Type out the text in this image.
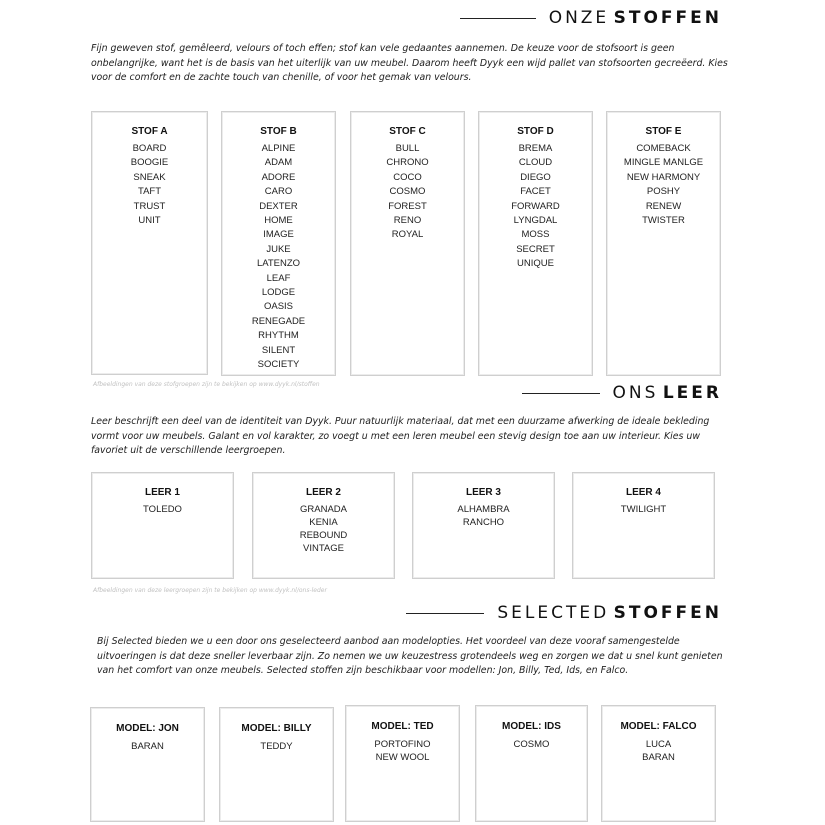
ONZE
STOFFEN

Fijn geweven stof, gemêleerd, velours of toch effen; stof kan vele gedaantes aannemen. De keuze voor de stofsoort is geen onbelangrijke, want het is de basis van het uiterlijk van uw meubel. Daarom heeft Dyyk een wijd pallet van stofsoorten gecreëerd. Kies voor de comfort en de zachte touch van chenille, of voor het gemak van velours.

STOF A
BOARD
BOOGIE
SNEAK
TAFT
TRUST
UNIT
STOF B
ALPINE
ADAM
ADORE
CARO
DEXTER
HOME
IMAGE
JUKE
LATENZO
LEAF
LODGE
OASIS
RENEGADE
RHYTHM
SILENT
SOCIETY
STOF C
BULL
CHRONO
COCO
COSMO
FOREST
RENO
ROYAL
STOF D
BREMA
CLOUD
DIEGO
FACET
FORWARD
LYNGDAL
MOSS
SECRET
UNIQUE
STOF E
COMEBACK
MINGLE MANLGE
NEW HARMONY
POSHY
RENEW
TWISTER

Afbeeldingen van deze stofgroepen zijn te bekijken op www.dyyk.nl/stoffen	ONS
LEER

Leer beschrijft een deel van de identiteit van Dyyk. Puur natuurlijk materiaal, dat met een duurzame afwerking de ideale bekleding vormt voor uw meubels. Galant en vol karakter, zo voegt u met een leren meubel een stevig design toe aan uw interieur. Kies uw favoriet uit de verschillende leergroepen.

LEER 1
TOLEDO
LEER 2
GRANADA
KENIA
REBOUND
VINTAGE
LEER 3
ALHAMBRA
RANCHO
LEER 4
TWILIGHT

Afbeeldingen van deze leergroepen zijn te bekijken op www.dyyk.nl/ons-leder

SELECTED
STOFFEN

Bij Selected bieden we u een door ons geselecteerd aanbod aan modelopties. Het voordeel van deze vooraf samengestelde uitvoeringen is dat deze sneller leverbaar zijn. Zo nemen we uw keuzestress grotendeels weg en zorgen we dat u snel kunt genieten van het comfort van onze meubels. Selected stoffen zijn beschikbaar voor modellen: Jon, Billy, Ted, Ids, en Falco.

MODEL: JON
BARAN
MODEL: BILLY
TEDDY
MODEL: TED
PORTOFINO
NEW WOOL
MODEL: IDS
COSMO
MODEL: FALCO
LUCA
BARAN
